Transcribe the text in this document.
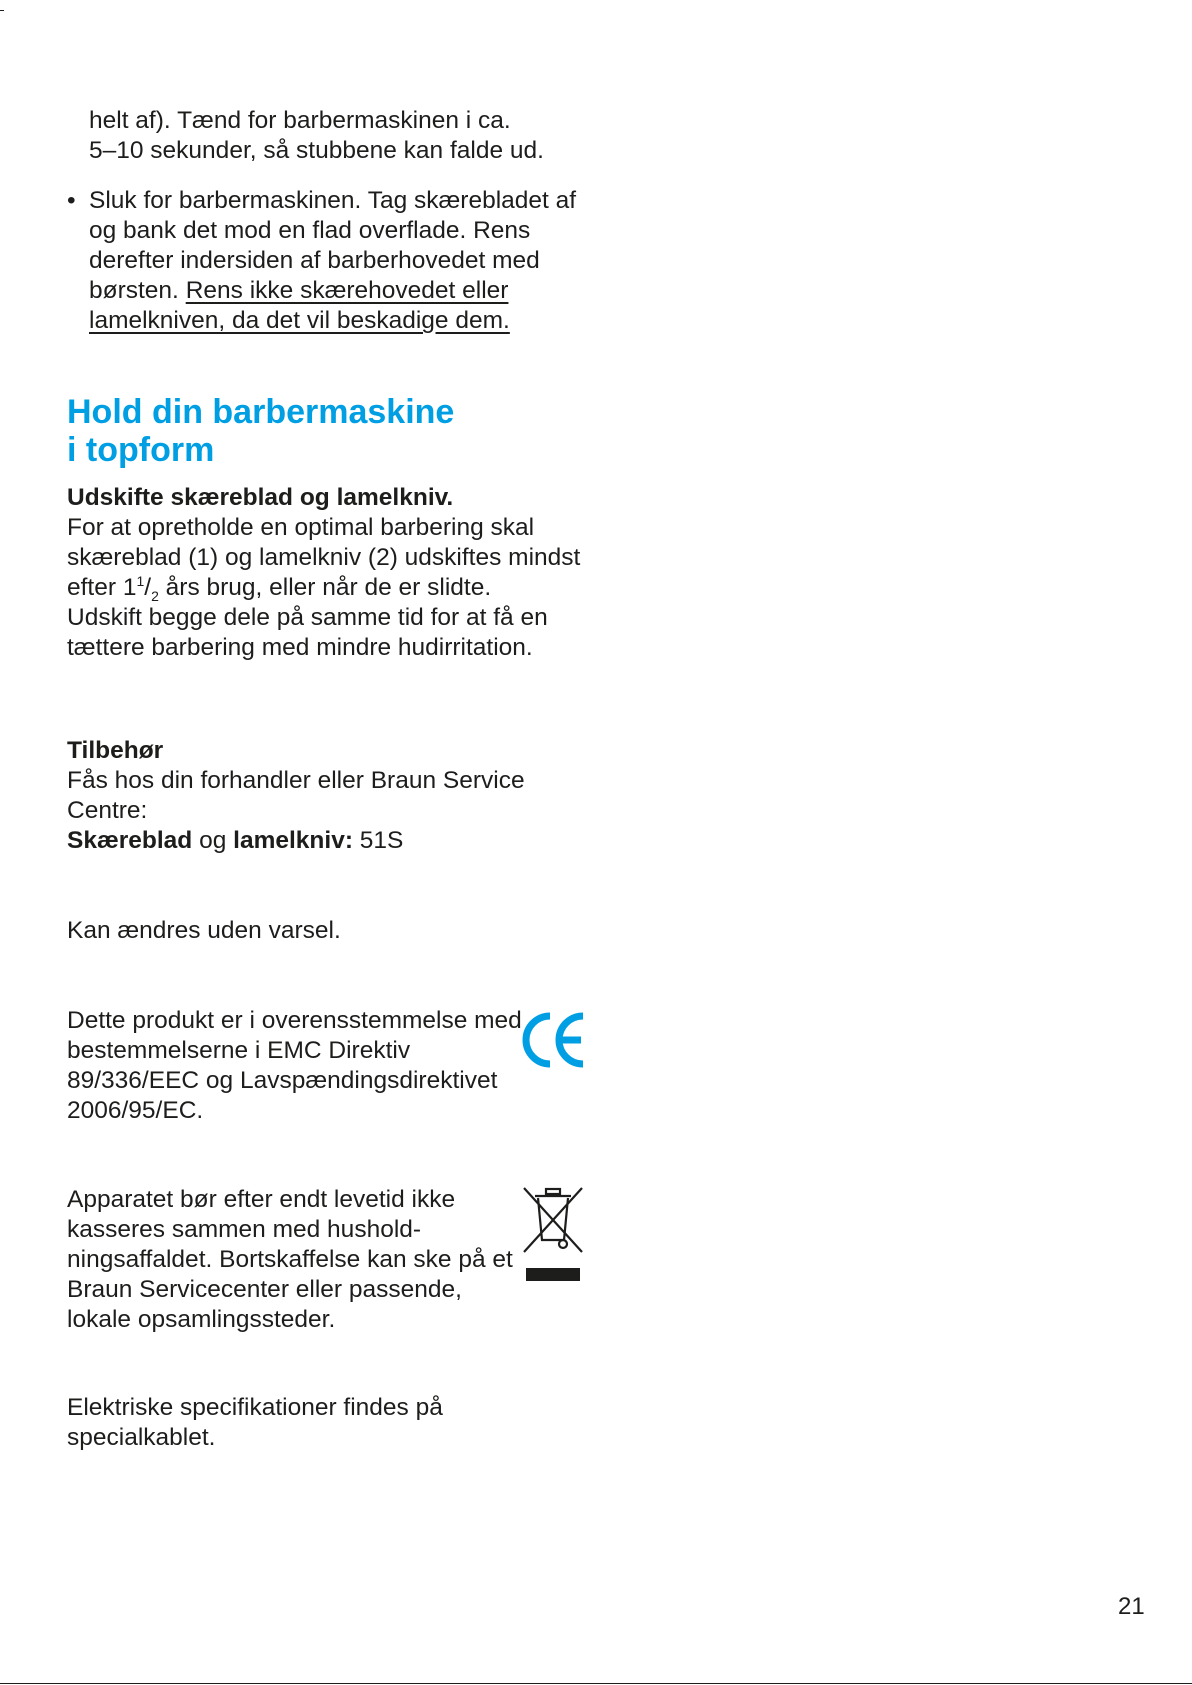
helt af). Tænd for barbermaskinen i ca.

5–10 sekunder, så stubbene kan falde ud.

• Sluk for barbermaskinen. Tag skærebladet af og bank det mod en flad overflade. Rens derefter indersiden af barberhovedet med børsten. Rens ikke skærehovedet eller lamelkniven, da det vil beskadige dem.

Hold din barbermaskine
i topform

Udskifte skæreblad og lamelkniv.

For at opretholde en optimal barbering skal skæreblad (1) og lamelkniv (2) udskiftes mindst efter $1^1/_2$ års brug, eller når de er slidte.

Udskift begge dele på samme tid for at få en tættere barbering med mindre hudirritation.

Tilbehør

Fås hos din forhandler eller Braun Service Centre:

Skæreblad og lamelkniv: 51S

Kan ændres uden varsel.

Dette produkt er i overensstemmelse med bestemmelserne i EMC Direktiv 89/336/EEC og Lavspændingsdirektivet 2006/95/EC.

Apparatet bør efter endt levetid ikke kasseres sammen med hushold-ningsaffaldet. Bortskaffelse kan ske på et Braun Servicecenter eller passende, lokale opsamlingssteder.

Elektriske specifikationer findes på specialkablet.

21
